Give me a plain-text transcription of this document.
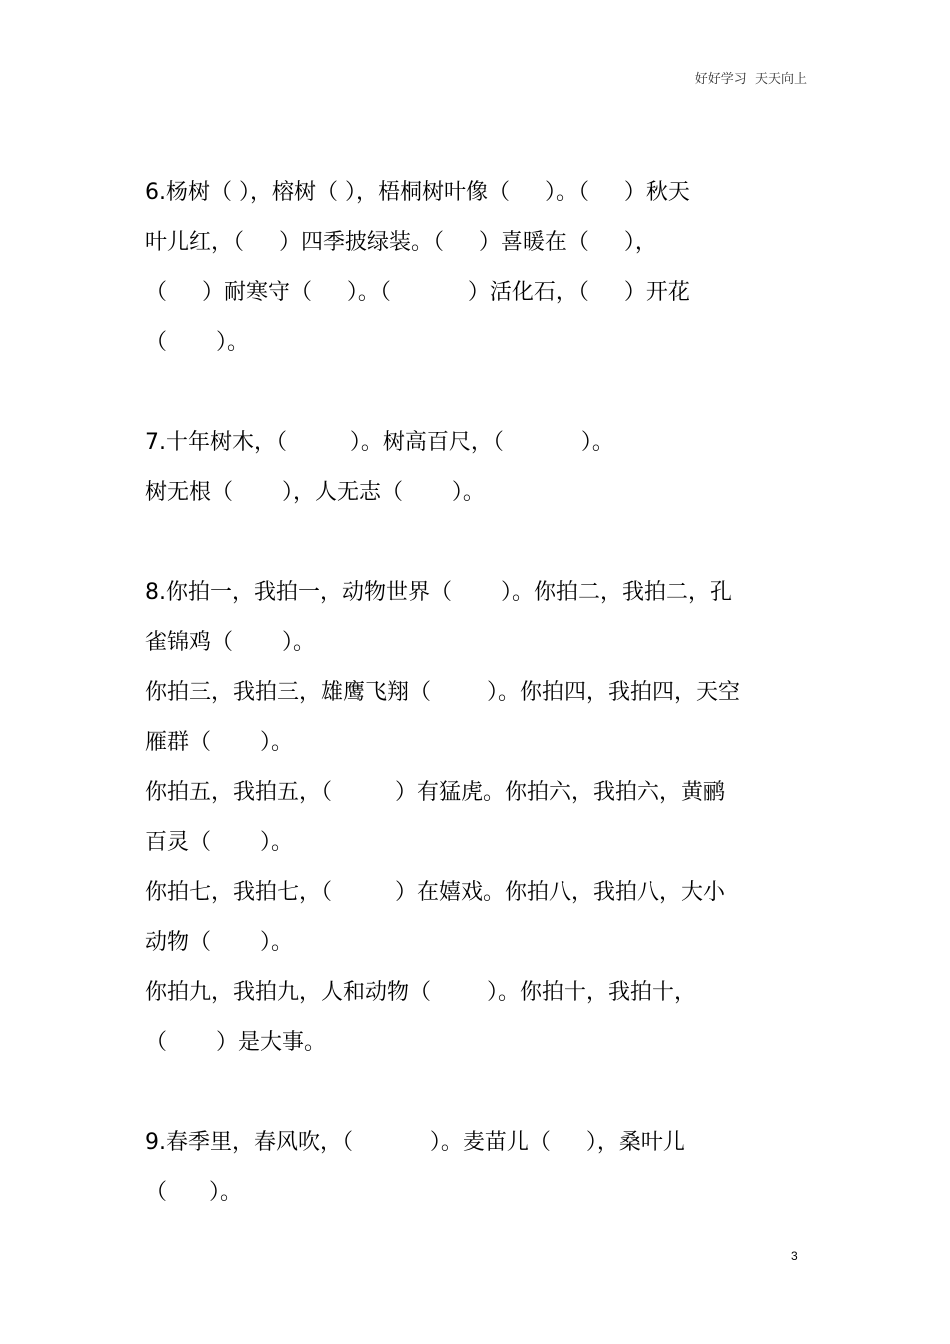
好好学习  天天向上
6.杨树（ ），榕树（ ），梧桐树叶像（     ）。（     ）秋天
叶儿红，（     ）四季披绿装。（     ）喜暖在（     ），
（     ）耐寒守（     ）。（           ）活化石，（     ）开花
（       ）。
7.十年树木，（         ）。树高百尺，（           ）。
树无根（       ），人无志（       ）。
8.你拍一，我拍一，动物世界（       ）。你拍二，我拍二，孔
雀锦鸡（       ）。
你拍三，我拍三，雄鹰飞翔（        ）。你拍四，我拍四，天空
雁群（       ）。
你拍五，我拍五，（         ）有猛虎。你拍六，我拍六，黄鹂
百灵（       ）。
你拍七，我拍七，（         ）在嬉戏。你拍八，我拍八，大小
动物（       ）。
你拍九，我拍九，人和动物（        ）。你拍十，我拍十，
（       ）是大事。
9.春季里，春风吹，（           ）。麦苗儿（     ），桑叶儿
（      ）。
3
